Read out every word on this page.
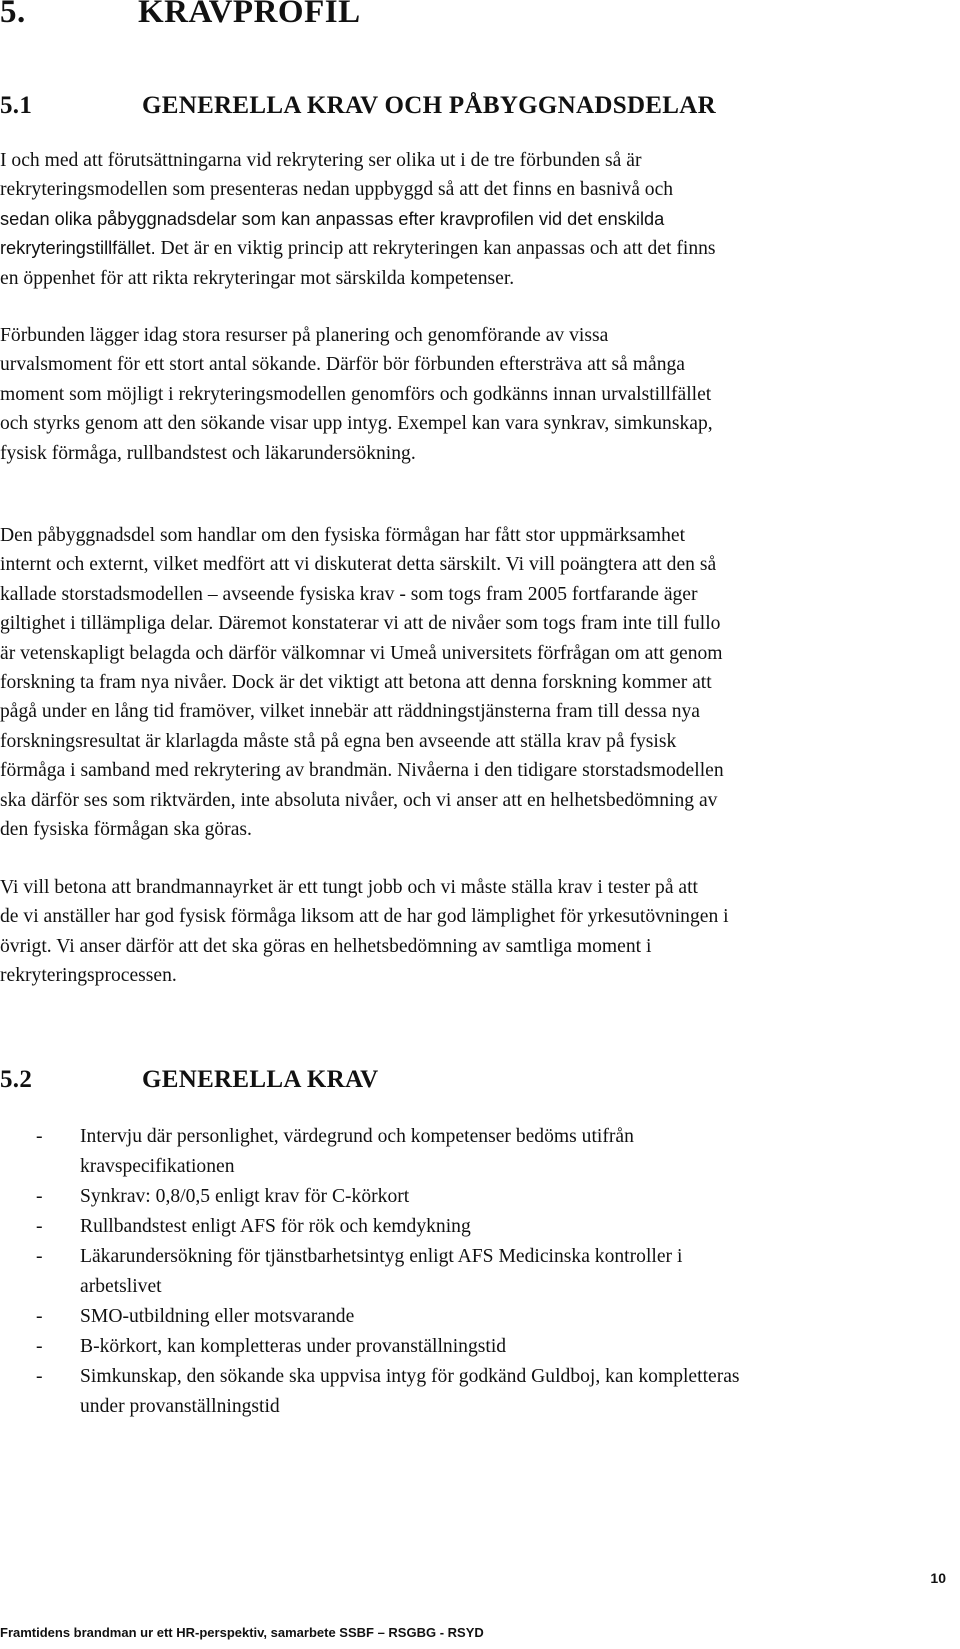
5.	KRAVPROFIL
5.1	GENERELLA KRAV OCH PÅBYGGNADSDELAR
I och med att förutsättningarna vid rekrytering ser olika ut i de tre förbunden så är
rekryteringsmodellen som presenteras nedan uppbyggd så att det finns en basnivå och
sedan olika påbyggnadsdelar som kan anpassas efter kravprofilen vid det enskilda
rekryteringstillfället. Det är en viktig princip att rekryteringen kan anpassas och att det finns
en öppenhet för att rikta rekryteringar mot särskilda kompetenser.
Förbunden lägger idag stora resurser på planering och genomförande av vissa
urvalsmoment för ett stort antal sökande. Därför bör förbunden eftersträva att så många
moment som möjligt i rekryteringsmodellen genomförs och godkänns innan urvalstillfället
och styrks genom att den sökande visar upp intyg. Exempel kan vara synkrav, simkunskap,
fysisk förmåga, rullbandstest och läkarundersökning.
Den påbyggnadsdel som handlar om den fysiska förmågan har fått stor uppmärksamhet
internt och externt, vilket medfört att vi diskuterat detta särskilt. Vi vill poängtera att den så
kallade storstadsmodellen – avseende fysiska krav - som togs fram 2005 fortfarande äger
giltighet i tillämpliga delar. Däremot konstaterar vi att de nivåer som togs fram inte till fullo
är vetenskapligt belagda och därför välkomnar vi Umeå universitets förfrågan om att genom
forskning ta fram nya nivåer. Dock är det viktigt att betona att denna forskning kommer att
pågå under en lång tid framöver, vilket innebär att räddningstjänsterna fram till dessa nya
forskningsresultat är klarlagda måste stå på egna ben avseende att ställa krav på fysisk
förmåga i samband med rekrytering av brandmän. Nivåerna i den tidigare storstadsmodellen
ska därför ses som riktvärden, inte absoluta nivåer, och vi anser att en helhetsbedömning av
den fysiska förmågan ska göras.
Vi vill betona att brandmannayrket är ett tungt jobb och vi måste ställa krav i tester på att
de vi anställer har god fysisk förmåga liksom att de har god lämplighet för yrkesutövningen i
övrigt. Vi anser därför att det ska göras en helhetsbedömning av samtliga moment i
rekryteringsprocessen.
5.2	GENERELLA KRAV
- Intervju där personlighet, värdegrund och kompetenser bedöms utifrån
kravspecifikationen
- Synkrav: 0,8/0,5 enligt krav för C-körkort
- Rullbandstest enligt AFS för rök och kemdykning
- Läkarundersökning för tjänstbarhetsintyg enligt AFS Medicinska kontroller i
arbetslivet
- SMO-utbildning eller motsvarande
- B-körkort, kan kompletteras under provanställningstid
- Simkunskap, den sökande ska uppvisa intyg för godkänd Guldboj, kan kompletteras
under provanställningstid
10
Framtidens brandman ur ett HR-perspektiv, samarbete SSBF – RSGBG - RSYD
